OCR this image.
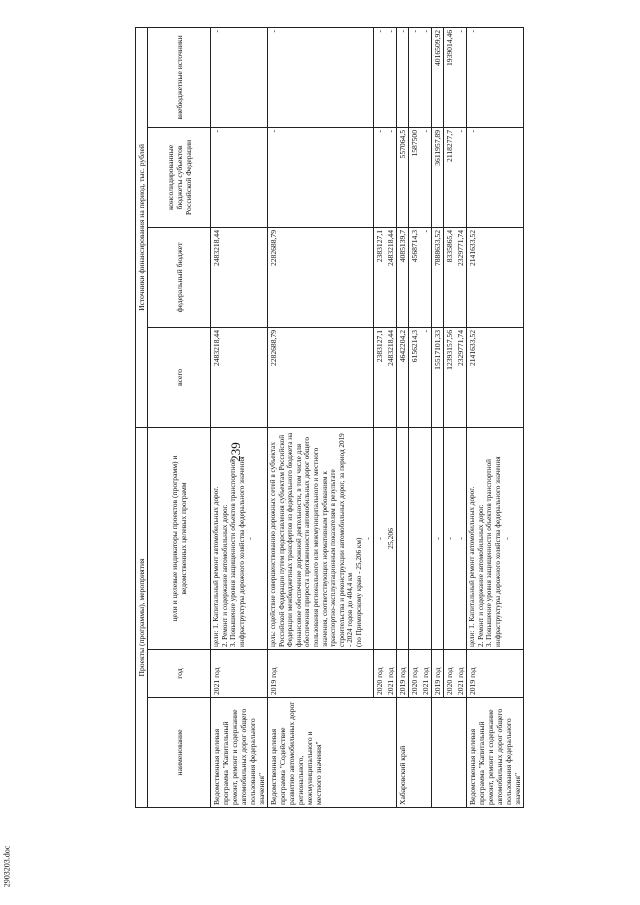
239
2903203.doc
Проекты (программы), мероприятия			Источники финансирования на период, тыс. рублей			
наименование	год	цели и целевые индикаторы проектов (программ) и ведомственных целевых программ	всего	федеральный бюджет	консолидированные бюджеты субъектов Российской Федерации	внебюджетные источники
Ведомственная целевая программа "Капитальный ремонт, ремонт и содержание автомобильных дорог общего пользования федерального значения"	2021 год	цели: 1. Капитальный ремонт автомобильных дорог. 2. Ремонт и содержание автомобильных дорог. 3. Повышение уровня защищенности объектов транспортной инфраструктуры дорожного хозяйства федерального значения -	2483218,44	2483218,44	-	-
Ведомственная целевая программа "Содействие развитию автомобильных дорог регионального, межмуниципального и местного значения"	2019 год	цель: содействие совершенствованию дорожных сетей в субъектах Российской Федерации путем предоставления субъектам Российской Федерации межбюджетных трансфертов из федерального бюджета на финансовое обеспечение дорожной деятельности, в том числе для обеспечения прироста протяженности автомобильных дорог общего пользования регионального или межмуниципального и местного значения, соответствующих нормативным требованиям к транспортно-эксплуатационным показателям в результате строительства и реконструкции автомобильных дорог, за период 2019 - 2024 годов до 404,4 км (по Приморскому краю - 25,206 км) -	2282688,79	2282688,79	-	-
	2020 год	-	2383127,1	2383127,1	-	-
	2021 год	25,206	2483218,44	2483218,44	-	-
Хабаровский край	2019 год		4642204,2	4085139,7	557064,5	-
	2020 год		6156214,3	4568714,3	1587500	-
	2021 год		-	-	-	-
	2019 год	-	15517101,33	7888633,52	3611957,89	4016509,92
	2020 год	-	12393157,56	8335865,4	2118277,7	1939014,46
	2021 год	-	2329771,74	2329771,74	-	-
Ведомственная целевая программа "Капитальный ремонт, ремонт и содержание автомобильных дорог общего пользования федерального значения"	2019 год	цели: 1. Капитальный ремонт автомобильных дорог. 2. Ремонт и содержание автомобильных дорог. 3. Повышение уровня защищенности объектов транспортной инфраструктуры дорожного хозяйства федерального значения -	2141633,52	2141633,52	-	-
